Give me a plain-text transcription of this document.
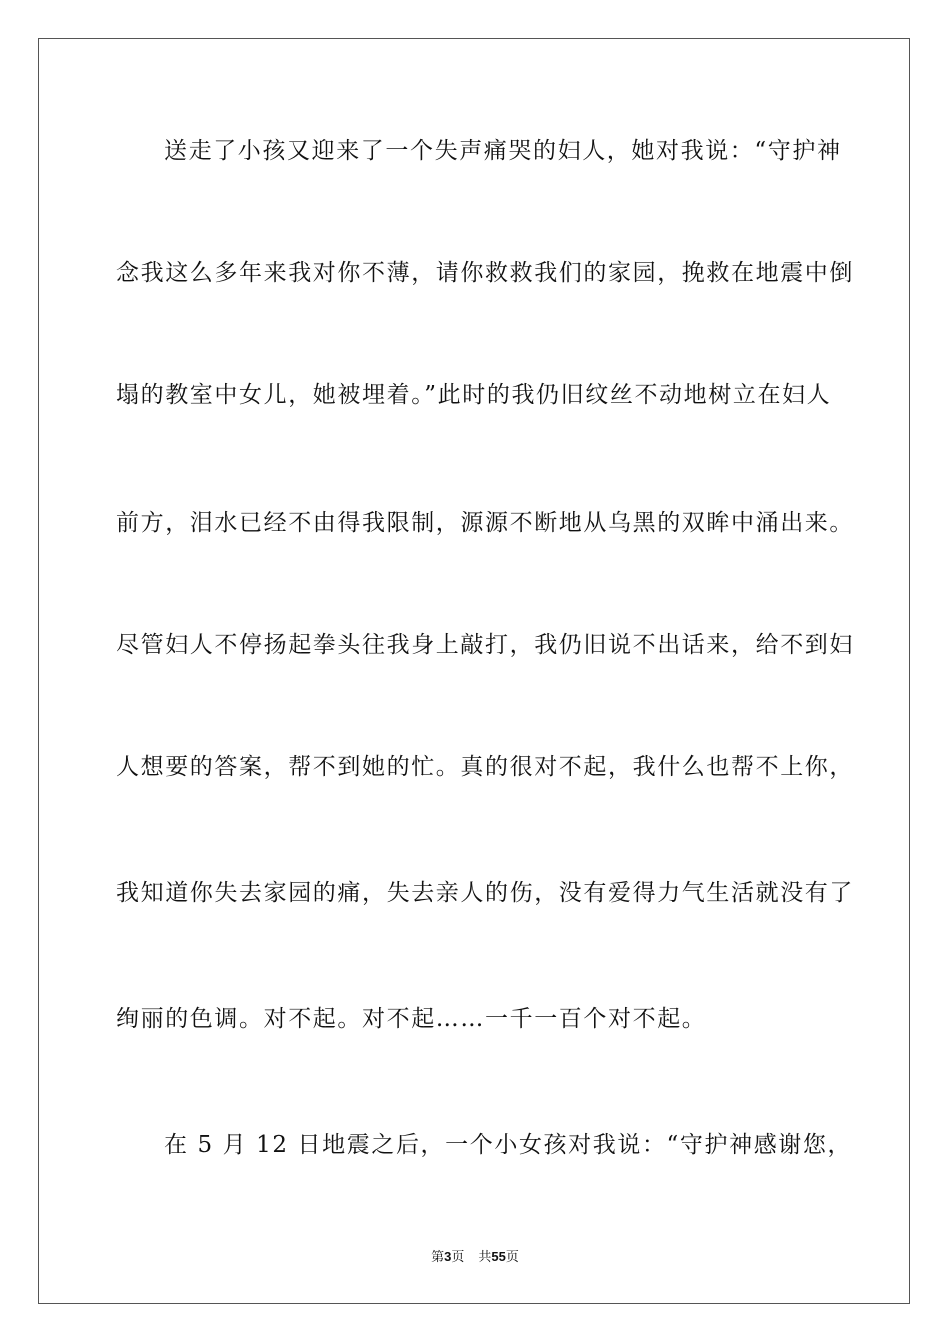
送走了小孩又迎来了一个失声痛哭的妇人，她对我说：“守护神
念我这么多年来我对你不薄，请你救救我们的家园，挽救在地震中倒
塌的教室中女儿，她被埋着。”此时的我仍旧纹丝不动地树立在妇人
前方，泪水已经不由得我限制，源源不断地从乌黑的双眸中涌出来。
尽管妇人不停扬起拳头往我身上敲打，我仍旧说不出话来，给不到妇
人想要的答案，帮不到她的忙。真的很对不起，我什么也帮不上你，
我知道你失去家园的痛，失去亲人的伤，没有爱得力气生活就没有了
绚丽的色调。对不起。对不起……一千一百个对不起。
在 5 月 12 日地震之后，一个小女孩对我说：“守护神感谢您，
第3页 共55页
